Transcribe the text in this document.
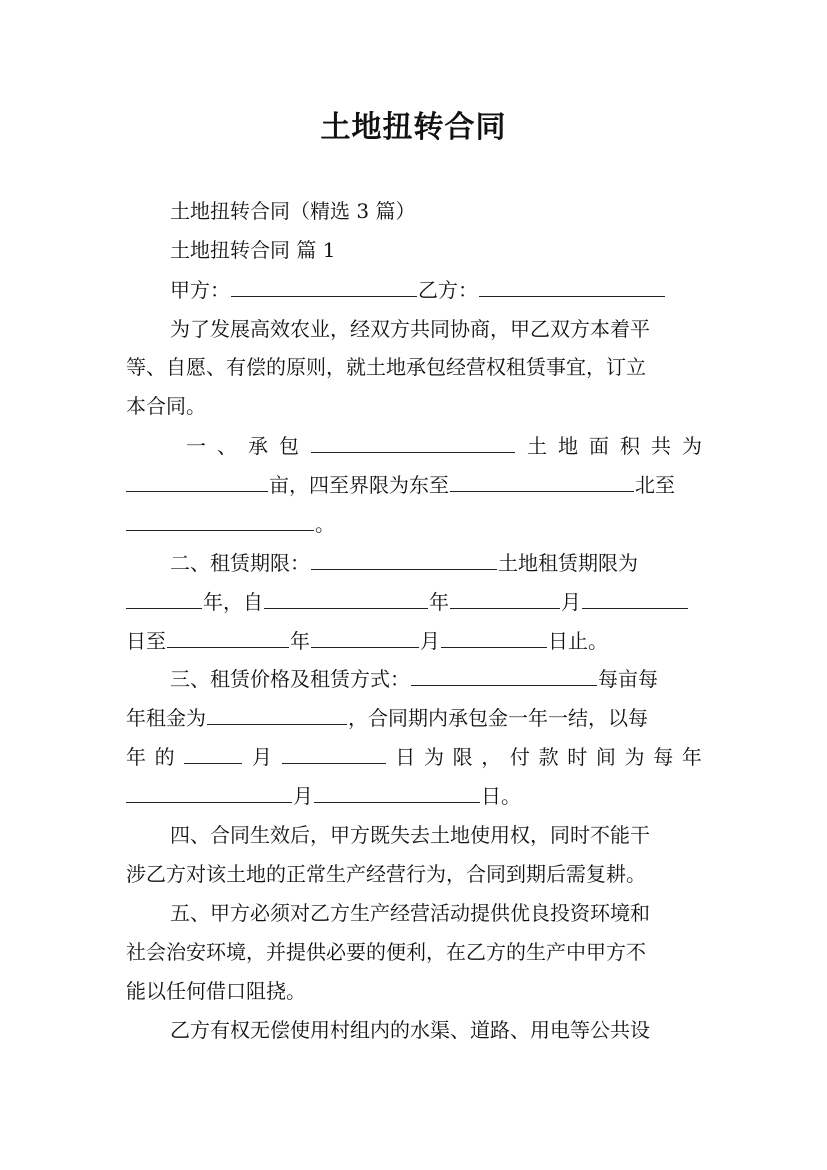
土地扭转合同
土地扭转合同（精选 3 篇）
土地扭转合同 篇 1
甲方：	乙方：
为了发展高效农业，经双方共同协商，甲乙双方本着平
等、自愿、有偿的原则，就土地承包经营权租赁事宜，订立
本合同。
一 、 承 包	土 地 面 积 共 为
亩，四至界限为东至	北至
。
二、租赁期限：	土地租赁期限为
年，自	年	月
日至	年	月	日止。
三、租赁价格及租赁方式：	每亩每
年租金为	，合同期内承包金一年一结，以每
年 的	月	日 为 限 ， 付 款 时 间 为 每 年
月	日。
四、合同生效后，甲方既失去土地使用权，同时不能干
涉乙方对该土地的正常生产经营行为，合同到期后需复耕。
五、甲方必须对乙方生产经营活动提供优良投资环境和
社会治安环境，并提供必要的便利，在乙方的生产中甲方不
能以任何借口阻挠。
乙方有权无偿使用村组内的水渠、道路、用电等公共设
